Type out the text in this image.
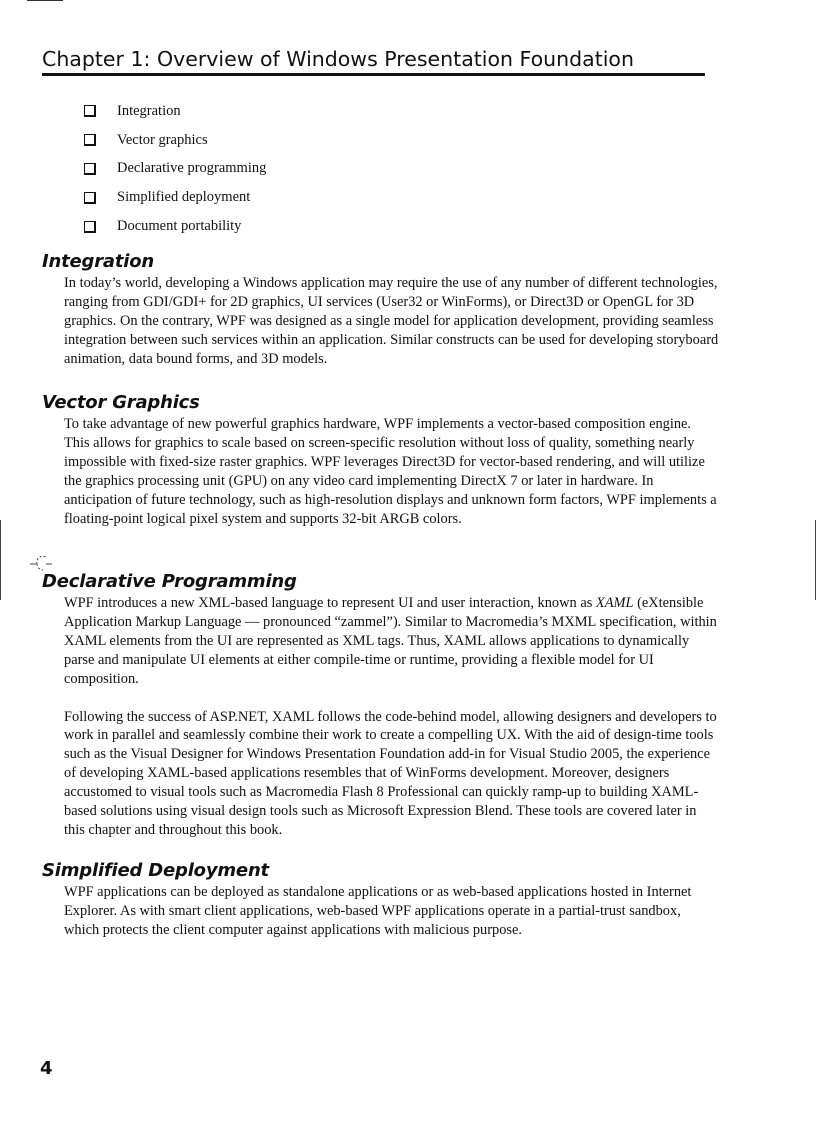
Chapter 1: Overview of Windows Presentation Foundation
Integration
Vector graphics
Declarative programming
Simplified deployment
Document portability
Integration

In today’s world, developing a Windows application may require the use of any number of different technologies, ranging from GDI/GDI+ for 2D graphics, UI services (User32 or WinForms), or Direct3D or OpenGL for 3D graphics. On the contrary, WPF was designed as a single model for application development, providing seamless integration between such services within an application. Similar constructs can be used for developing storyboard animation, data bound forms, and 3D models.

Vector Graphics

To take advantage of new powerful graphics hardware, WPF implements a vector-based composition engine. This allows for graphics to scale based on screen-specific resolution without loss of quality, something nearly impossible with fixed-size raster graphics. WPF leverages Direct3D for vector-based rendering, and will utilize the graphics processing unit (GPU) on any video card implementing DirectX 7 or later in hardware. In anticipation of future technology, such as high-resolution displays and unknown form factors, WPF implements a floating-point logical pixel system and supports 32-bit ARGB colors.

Declarative Programming

WPF introduces a new XML-based language to represent UI and user interaction, known as XAML (eXtensible Application Markup Language — pronounced “zammel”). Similar to Macromedia’s MXML specification, within XAML elements from the UI are represented as XML tags. Thus, XAML allows applications to dynamically parse and manipulate UI elements at either compile-time or runtime, providing a flexible model for UI composition.

Following the success of ASP.NET, XAML follows the code-behind model, allowing designers and developers to work in parallel and seamlessly combine their work to create a compelling UX. With the aid of design-time tools such as the Visual Designer for Windows Presentation Foundation add-in for Visual Studio 2005, the experience of developing XAML-based applications resembles that of WinForms development. Moreover, designers accustomed to visual tools such as Macromedia Flash 8 Professional can quickly ramp-up to building XAML-based solutions using visual design tools such as Microsoft Expression Blend. These tools are covered later in this chapter and throughout this book.

Simplified Deployment

WPF applications can be deployed as standalone applications or as web-based applications hosted in Internet Explorer. As with smart client applications, web-based WPF applications operate in a partial-trust sandbox, which protects the client computer against applications with malicious purpose.

4
